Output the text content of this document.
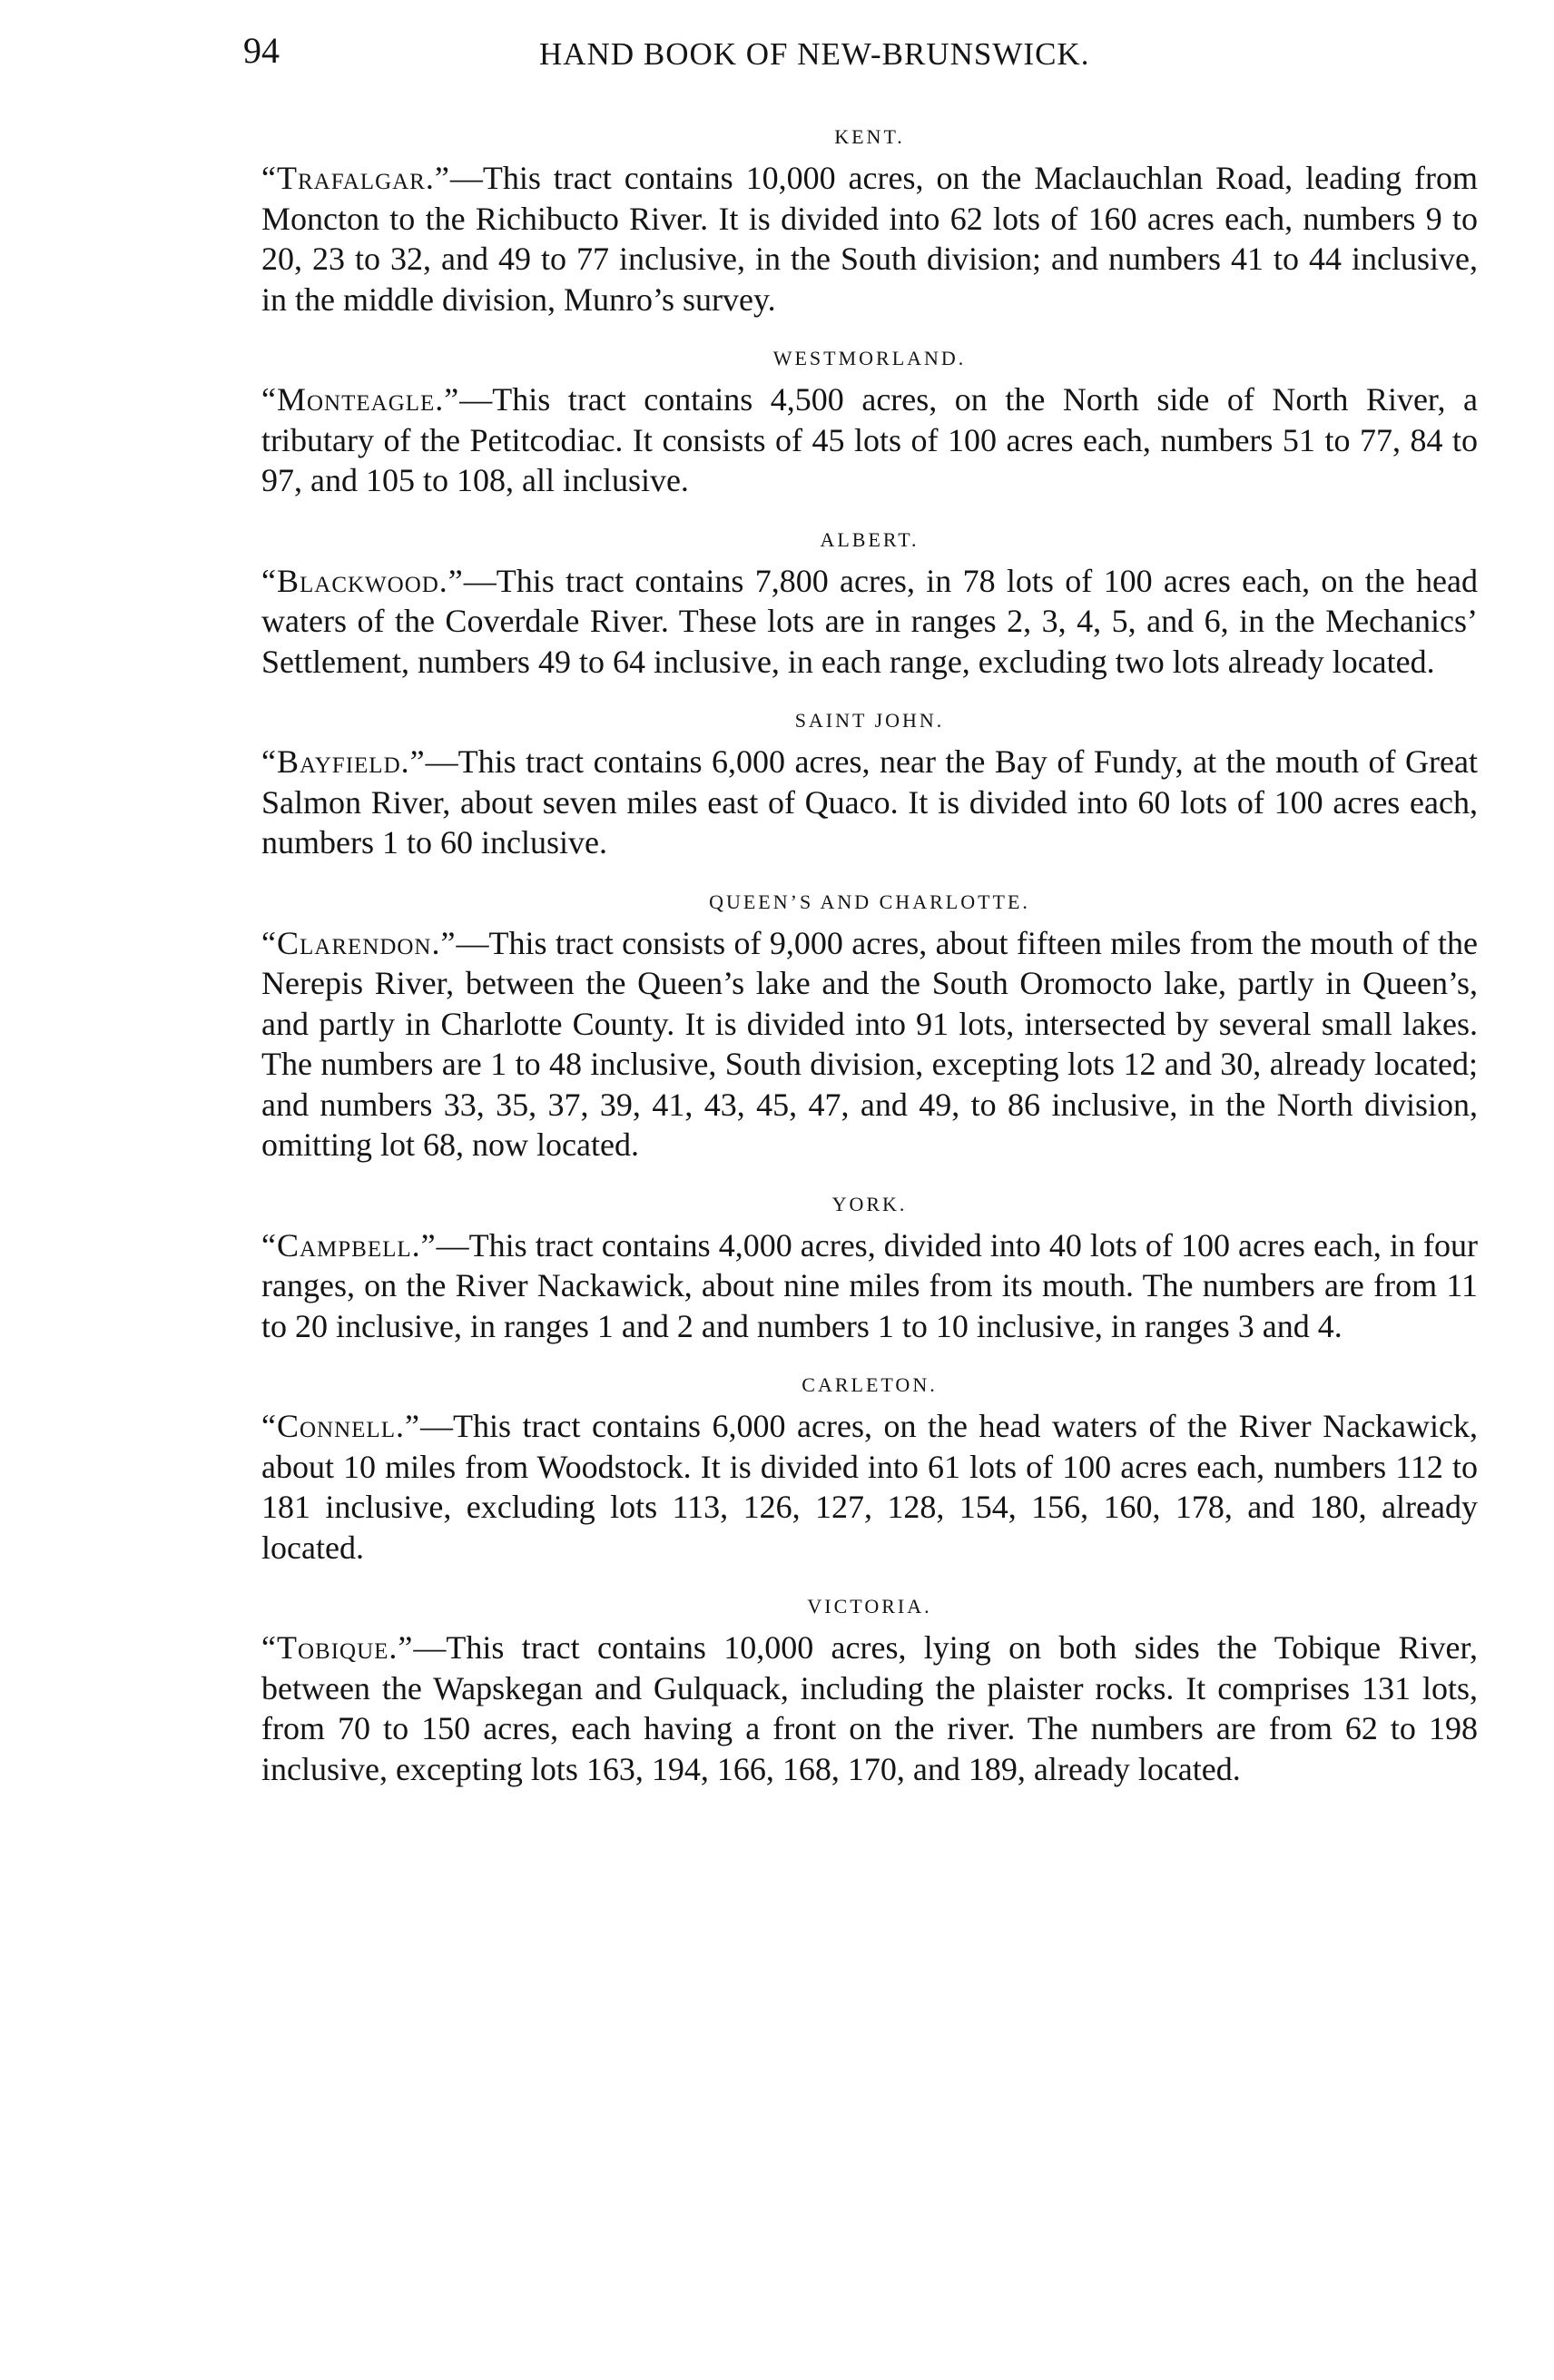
94	HAND BOOK OF NEW-BRUNSWICK.
KENT.

“Trafalgar.”—This tract contains 10,000 acres, on the Maclauchlan Road, leading from Moncton to the Richibucto River. It is divided into 62 lots of 160 acres each, numbers 9 to 20, 23 to 32, and 49 to 77 inclusive, in the South division; and numbers 41 to 44 inclusive, in the middle division, Munro’s survey.

WESTMORLAND.

“Monteagle.”—This tract contains 4,500 acres, on the North side of North River, a tributary of the Petitcodiac. It consists of 45 lots of 100 acres each, numbers 51 to 77, 84 to 97, and 105 to 108, all inclusive.

ALBERT.

“Blackwood.”—This tract contains 7,800 acres, in 78 lots of 100 acres each, on the head waters of the Coverdale River. These lots are in ranges 2, 3, 4, 5, and 6, in the Mechanics’ Settlement, numbers 49 to 64 inclusive, in each range, excluding two lots already located.

SAINT JOHN.

“Bayfield.”—This tract contains 6,000 acres, near the Bay of Fundy, at the mouth of Great Salmon River, about seven miles east of Quaco. It is divided into 60 lots of 100 acres each, numbers 1 to 60 inclusive.

QUEEN’S AND CHARLOTTE.

“Clarendon.”—This tract consists of 9,000 acres, about fifteen miles from the mouth of the Nerepis River, between the Queen’s lake and the South Oromocto lake, partly in Queen’s, and partly in Charlotte County. It is divided into 91 lots, intersected by several small lakes. The numbers are 1 to 48 inclusive, South division, excepting lots 12 and 30, already located; and numbers 33, 35, 37, 39, 41, 43, 45, 47, and 49, to 86 inclusive, in the North division, omitting lot 68, now located.

YORK.

“Campbell.”—This tract contains 4,000 acres, divided into 40 lots of 100 acres each, in four ranges, on the River Nackawick, about nine miles from its mouth. The numbers are from 11 to 20 inclusive, in ranges 1 and 2 and numbers 1 to 10 inclusive, in ranges 3 and 4.

CARLETON.

“Connell.”—This tract contains 6,000 acres, on the head waters of the River Nackawick, about 10 miles from Woodstock. It is divided into 61 lots of 100 acres each, numbers 112 to 181 inclusive, excluding lots 113, 126, 127, 128, 154, 156, 160, 178, and 180, already located.

VICTORIA.

“Tobique.”—This tract contains 10,000 acres, lying on both sides the Tobique River, between the Wapskegan and Gulquack, including the plaister rocks. It comprises 131 lots, from 70 to 150 acres, each having a front on the river. The numbers are from 62 to 198 inclusive, excepting lots 163, 194, 166, 168, 170, and 189, already located.
